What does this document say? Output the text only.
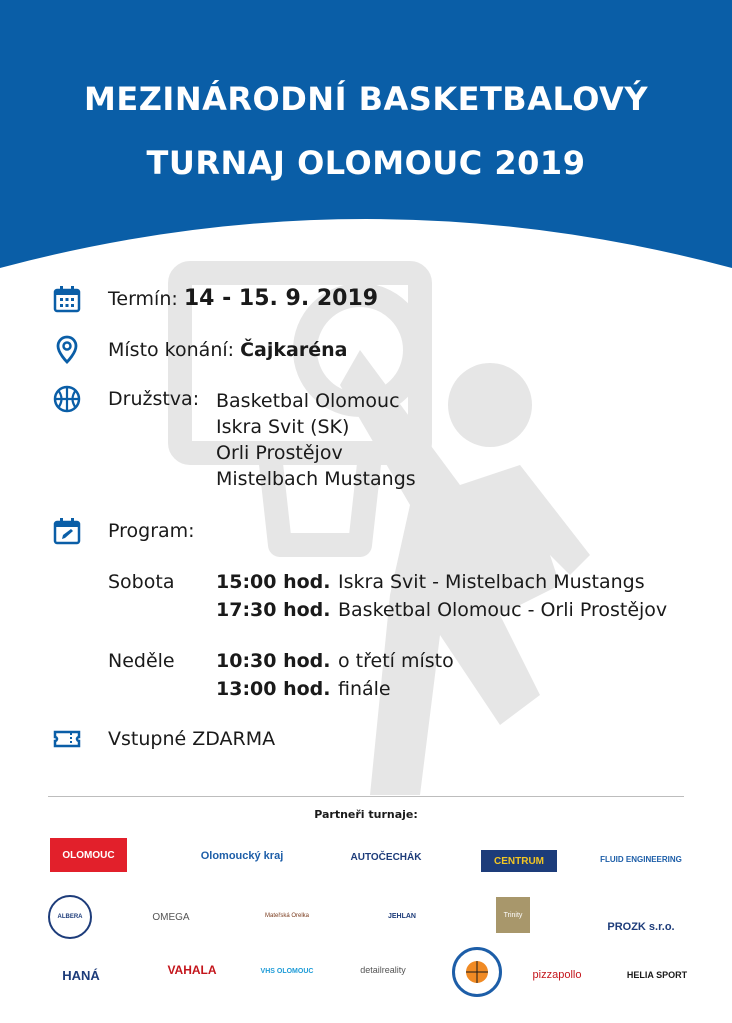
MEZINÁRODNÍ BASKETBALOVÝ
TURNAJ OLOMOUC 2019
Termín: 14 - 15. 9. 2019
Místo konání: Čajkaréna
Družstva: Basketbal Olomouc
Iskra Svit (SK)
Orli Prostějov
Mistelbach Mustangs
Program:
Sobota 15:00 hod. Iskra Svit - Mistelbach Mustangs
17:30 hod. Basketbal Olomouc - Orli Prostějov
Neděle 10:30 hod. o třetí místo
13:00 hod. finále
Vstupné ZDARMA
Partneři turnaje:
OLOMOUC	Olomoucký kraj	AUTOČECHÁK	CENTRUM	FLUID ENGINEERING
ALBERA	OMEGA	Mateřská Orelka	JEHLAN	Trinity
PROZK s.r.o.
HANÁ	VAHALA	VHS OLOMOUC	detailreality	pizzapollo	HELIA SPORT
